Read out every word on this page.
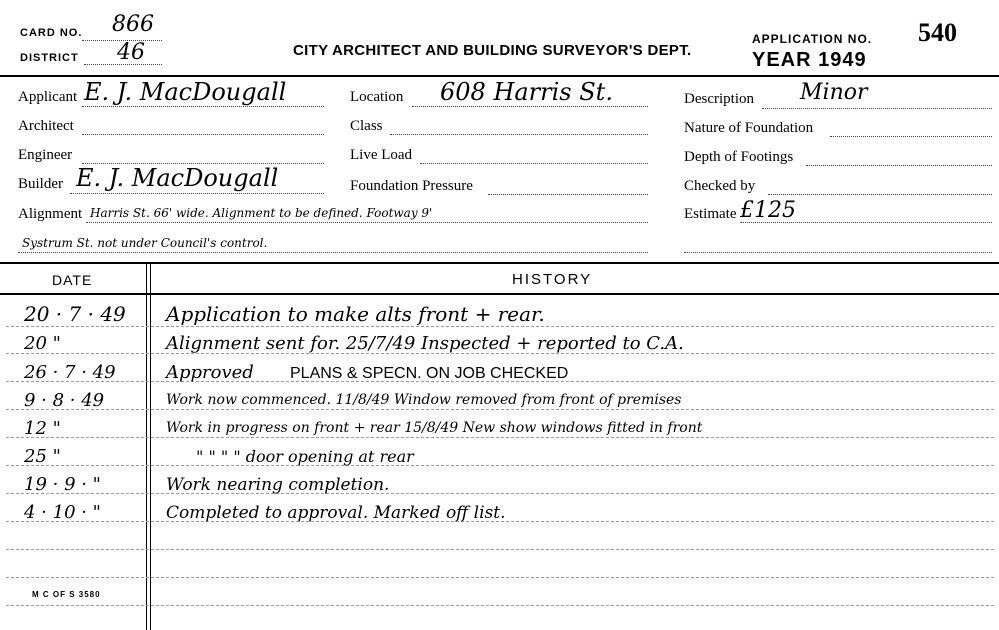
CARD NO. 866
DISTRICT 46	CITY ARCHITECT AND BUILDING SURVEYOR'S DEPT.
APPLICATION NO. 540
YEAR 1949
Applicant E. J. MacDougall	Location 608 Harris St.	Description Minor
Architect	Class	Nature of Foundation
Engineer	Live Load	Depth of Footings
Builder E. J. MacDougall	Foundation Pressure	Checked by
Alignment Harris St. 66' wide. Alignment to be defined. Footway 9'	Estimate £125
Systrum St. not under Council's control.
DATE	HISTORY
20 · 7 · 49 Application to make alts front + rear.
20 "	Alignment sent for. 25/7/49 Inspected + reported to C.A.
26 · 7 · 49	Approved PLANS & SPECN. ON JOB CHECKED
9 · 8 · 49	Work now commenced. 11/8/49 Window removed from front of premises
12 "	Work in progress on front + rear 15/8/49 New show windows fitted in front
25 "	" " " " door opening at rear
19 · 9 · "	Work nearing completion.
4 · 10 · "	Completed to approval. Marked off list.
M C OF S 3580
